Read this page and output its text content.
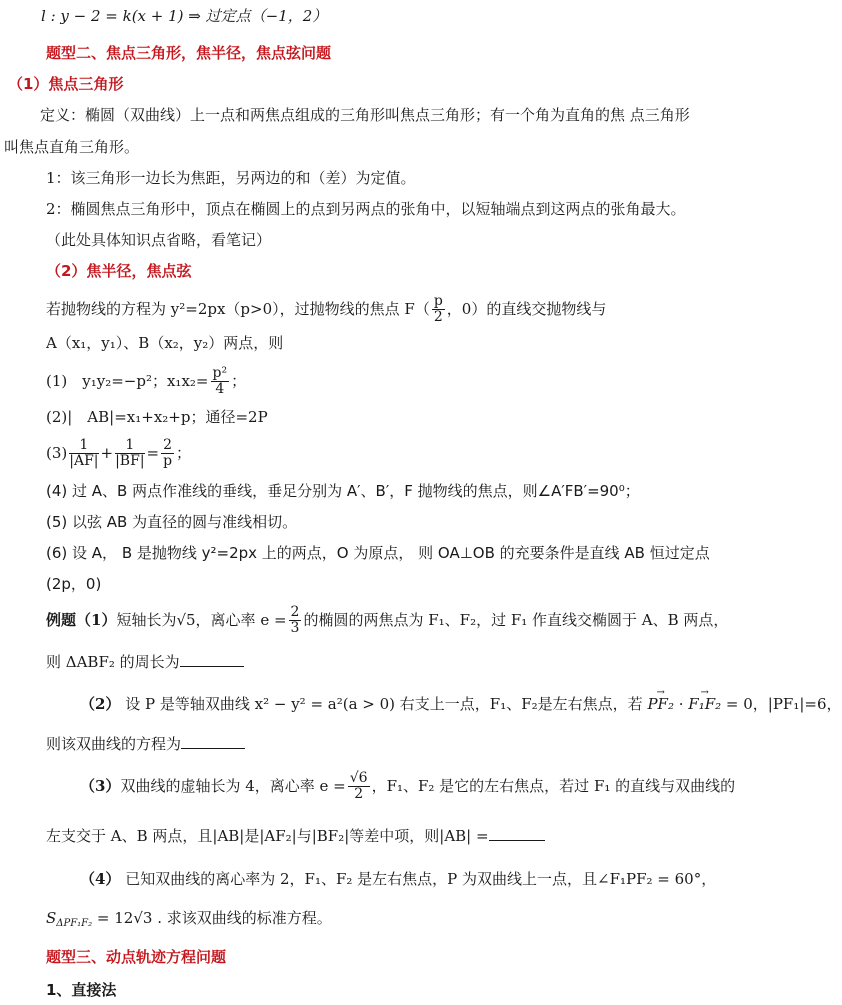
l : y − 2 = k(x + 1) ⇒ 过定点（−1，2）
题型二、焦点三角形，焦半径，焦点弦问题
（1）焦点三角形
定义：椭圆（双曲线）上一点和两焦点组成的三角形叫焦点三角形；有一个角为直角的焦 点三角形
叫焦点直角三角形。
1：该三角形一边长为焦距，另两边的和（差）为定值。
2：椭圆焦点三角形中，顶点在椭圆上的点到另两点的张角中，以短轴端点到这两点的张角最大。
（此处具体知识点省略，看笔记）
（2）焦半径，焦点弦
若抛物线的方程为 y²=2px（p>0），过抛物线的焦点 $F( \frac{p}{2}$ ，0）的直线交抛物线与
A（x₁，y₁）、B（x₂，y₂）两点，则
(1)　y₁y₂=−p²；$x_1x_2= \frac{\text{p²}}{4}$ ；
(2)|　AB|=x₁+x₂+p；通径=2P
$(3) \frac{1}{|AF|} + \frac{1}{|BF|} = \frac{2}{p}$ ；
(4) 过 A、B 两点作准线的垂线，垂足分别为 A′、B′，F 抛物线的焦点，则∠A′FB′=90⁰；
(5) 以弦 AB 为直径的圆与准线相切。
(6) 设 A， B 是抛物线 y²=2px 上的两点，O 为原点， 则 OA⊥OB 的充要条件是直线 AB 恒过定点
(2p，0)
例题 （1） 短轴长为√5，离心率 $e = \frac{2}{3}$ 的椭圆的两焦点为 F₁、F₂，过 F₁ 作直线交椭圆于 A、B 两点，
则 ΔABF₂ 的周长为
（2） 设 P 是等轴双曲线 x² − y² = a²(a > 0) 右支上一点，F₁、F₂是左右焦点，若 → PF₂ · → F₁F₂ = 0，|PF₁|=6，
则该双曲线的方程为
（3） 双曲线的虚轴长为 4，离心率 $e = \frac{√6}{2}$ ，F₁、F₂ 是它的左右焦点，若过 F₁ 的直线与双曲线的
左支交于 A、B 两点，且|AB|是|AF₂|与|BF₂|等差中项，则|AB| =
（4） 已知双曲线的离心率为 2，F₁、F₂ 是左右焦点，P 为双曲线上一点，且∠F₁PF₂ = 60°，
$S_{\Delta PF_1F_2} = 12√3$ . 求该双曲线的标准方程。
题型三、动点轨迹方程问题
1、直接法
